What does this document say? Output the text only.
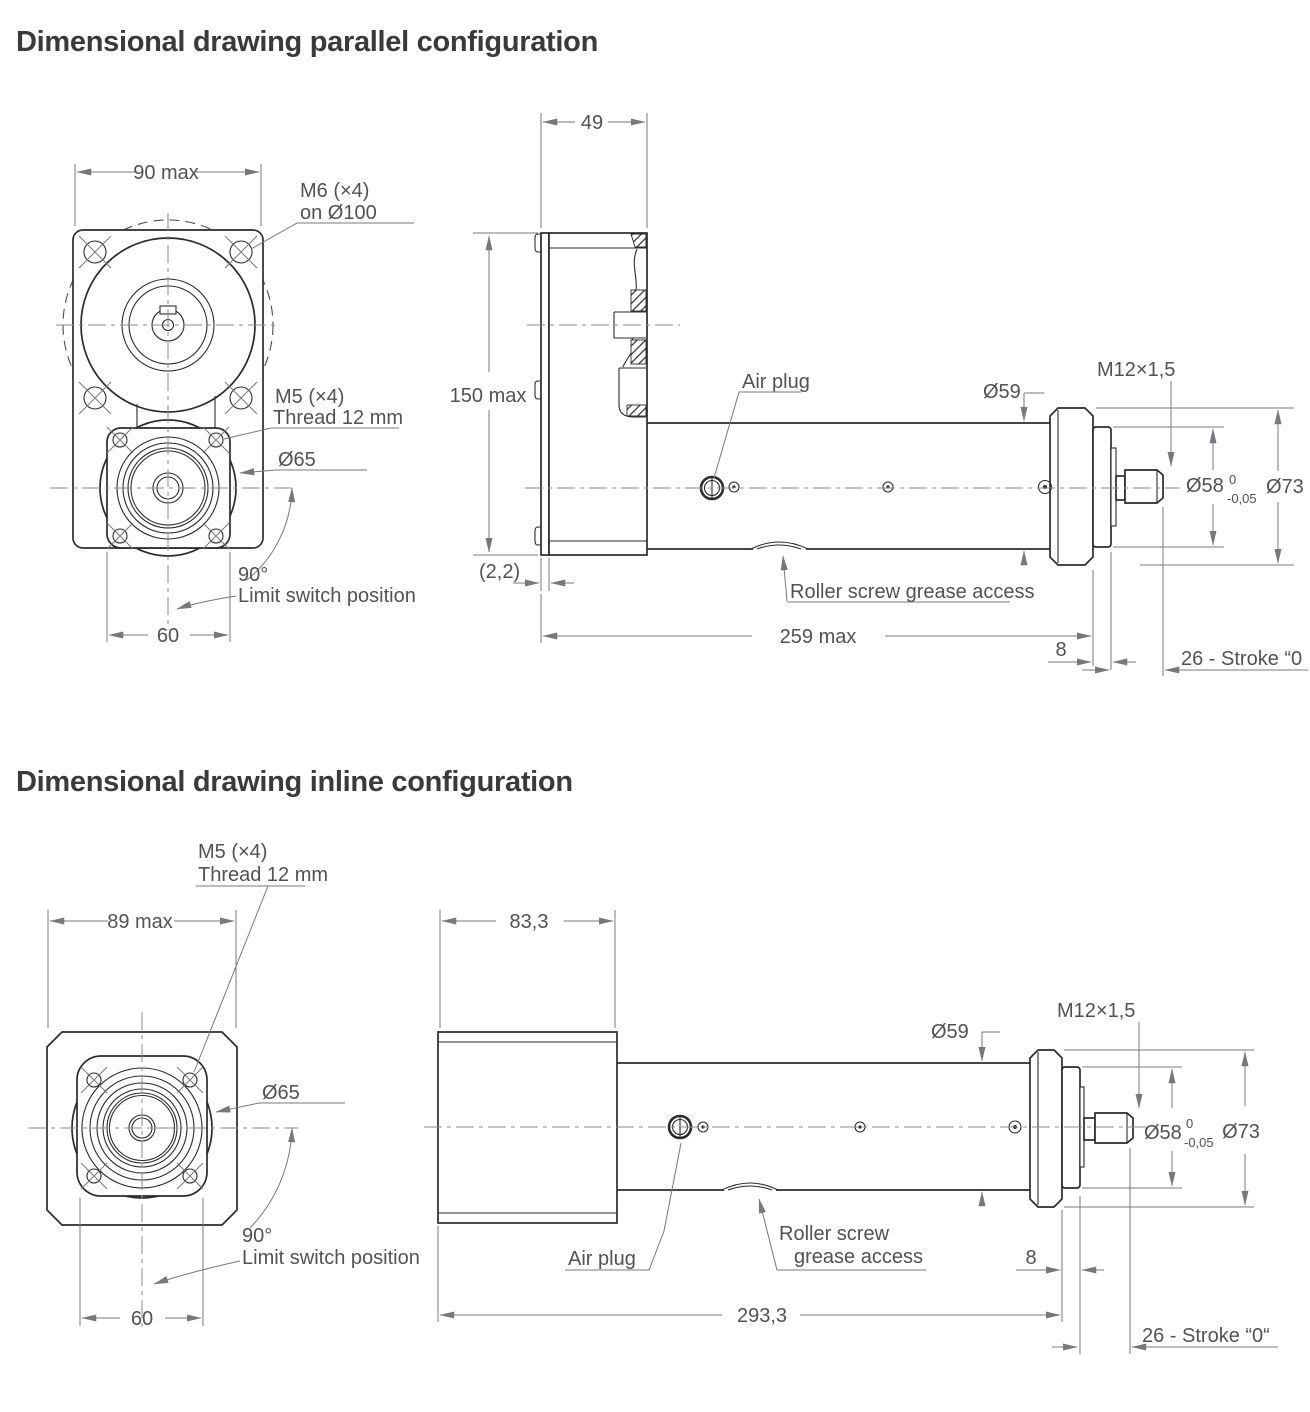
Dimensional drawing parallel configuration
Dimensional drawing inline configuration
90 max
M6 (×4)
on Ø100
M5 (×4)
Thread 12 mm
Ø65
90°
Limit switch position
60
49
150 max
Air plug	Ø59
M12×1,5
Ø58 0
-0,05
Ø73
(2,2)
Roller screw grease access
259 max
8	26 - Stroke “0
M5 (×4)
Thread 12 mm
89 max
Ø65
90°
Limit switch position
60
83,3
Ø59
M12×1,5
Ø58 0
-0,05 Ø73
Air plug
Roller screw
grease access	8
293,3
26 - Stroke “0“
